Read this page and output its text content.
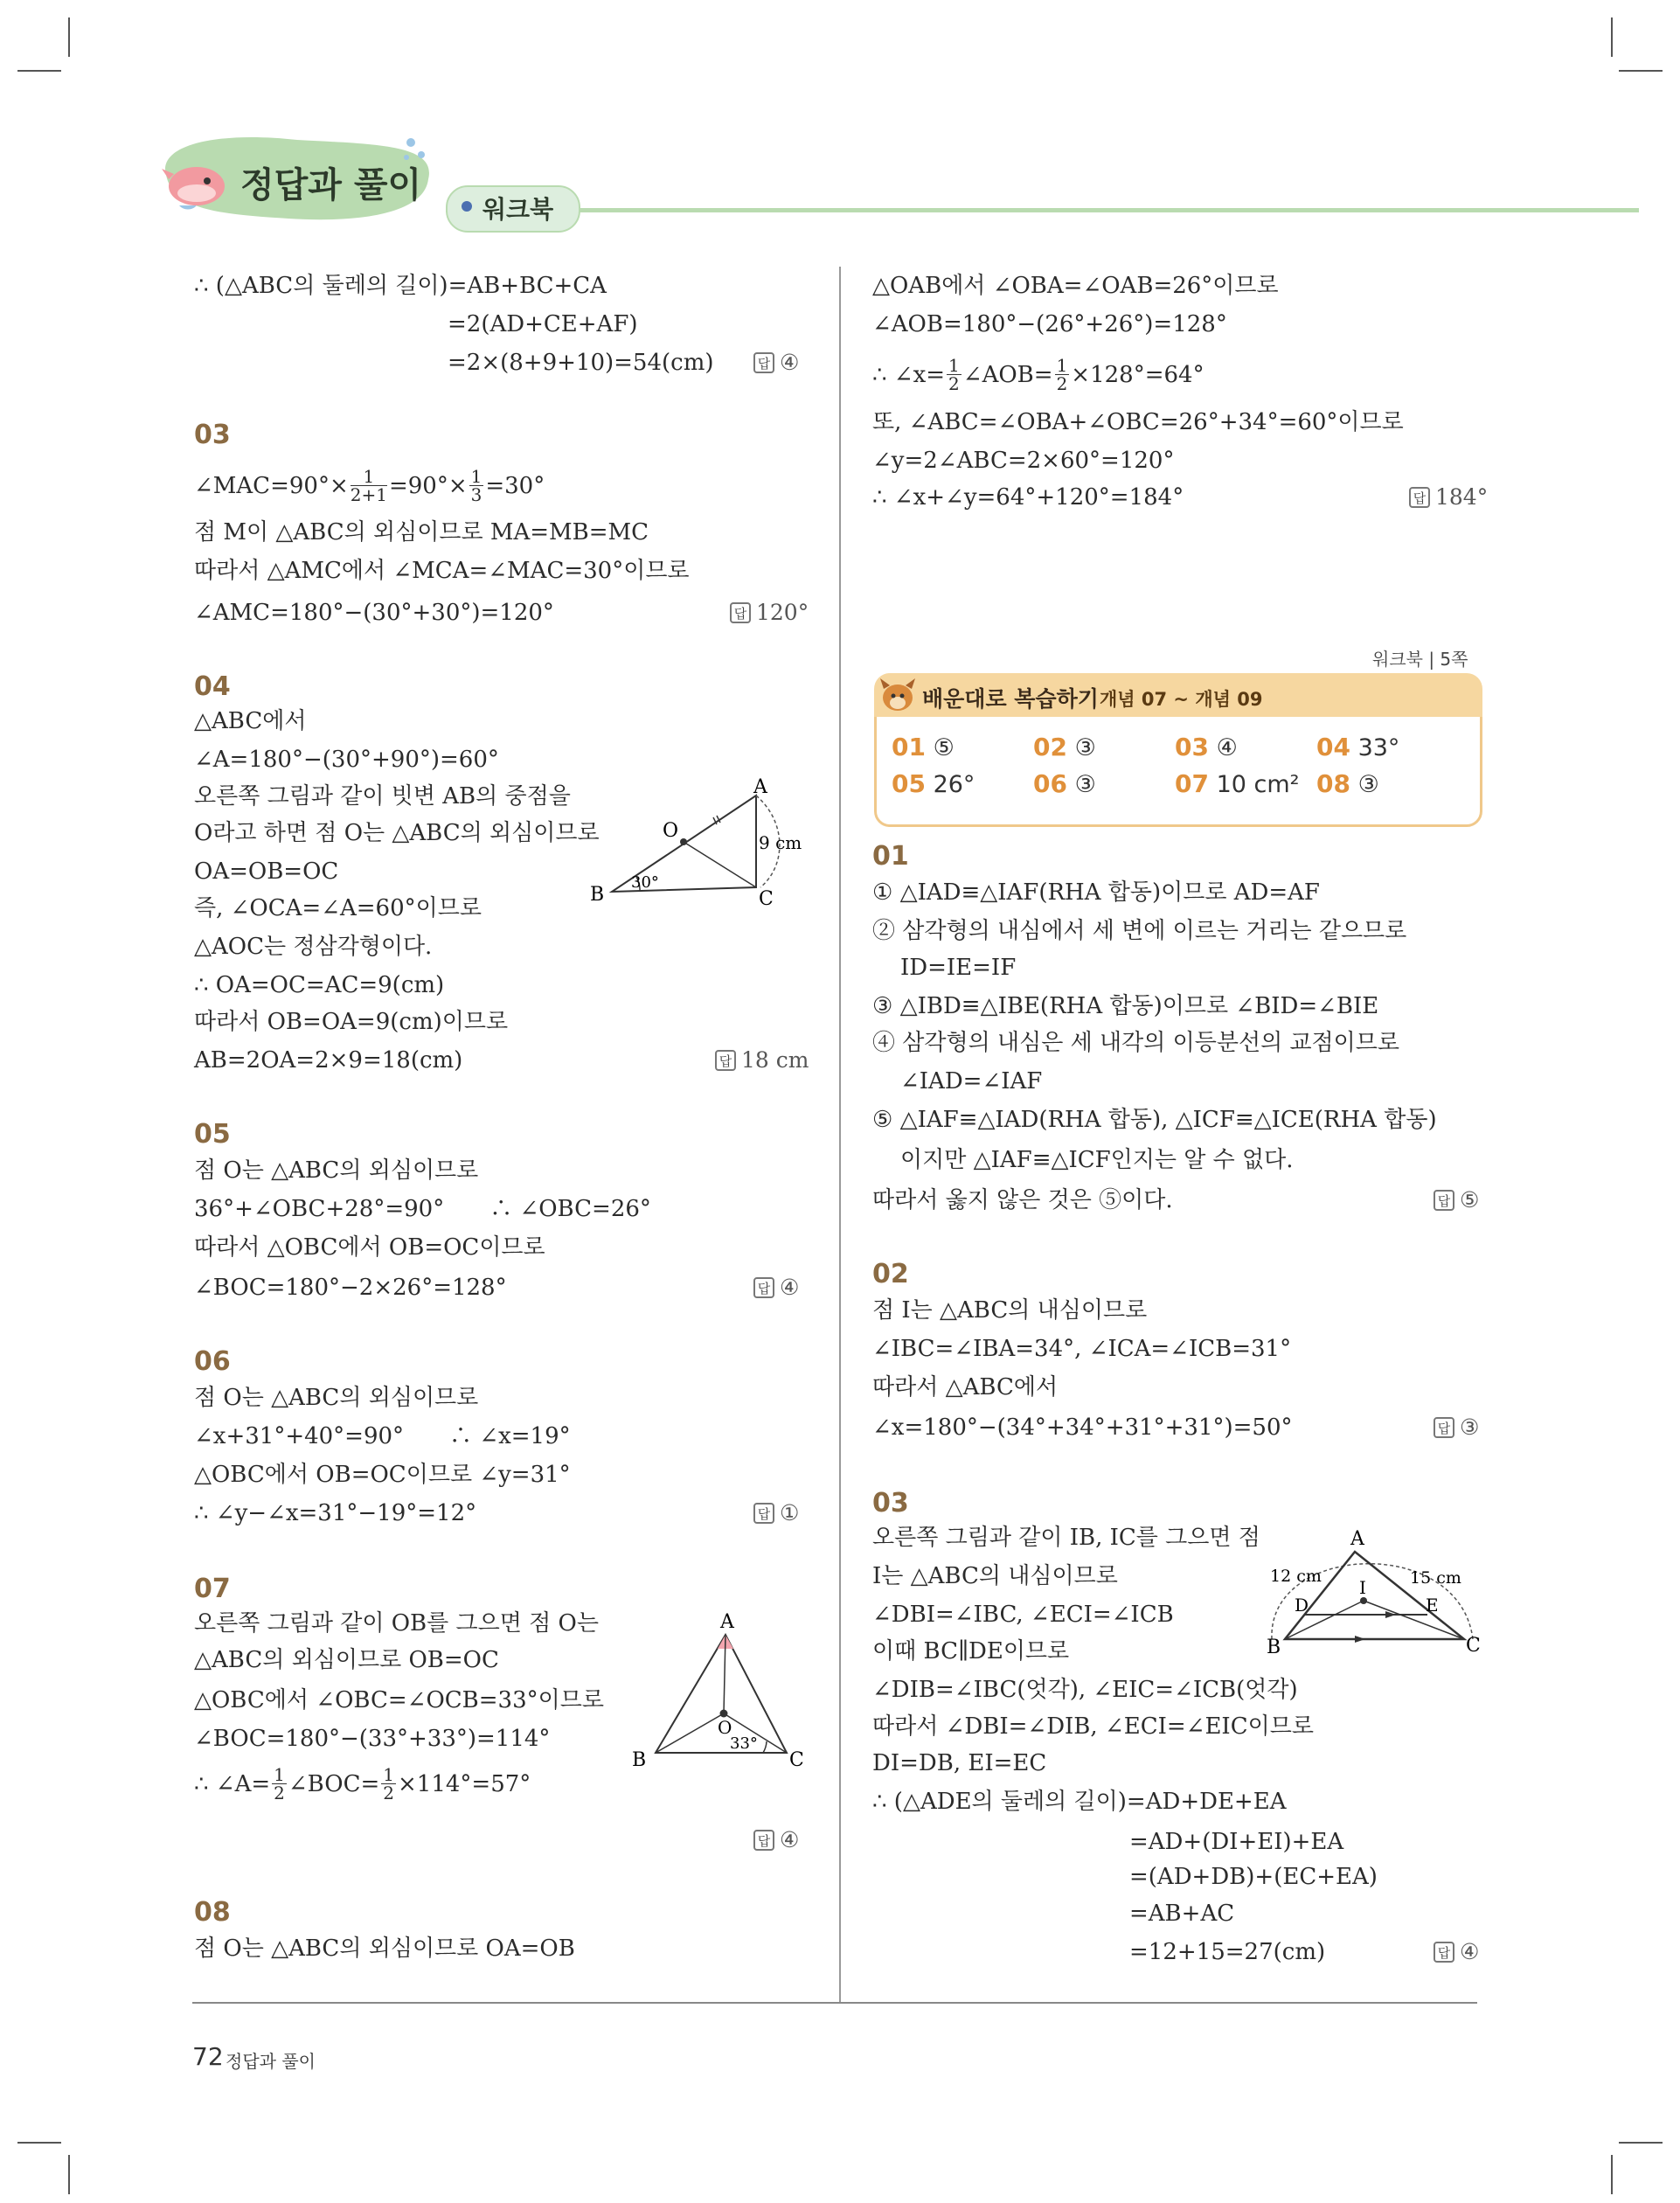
정답과 풀이
워크북
∴ (△ABC의 둘레의 길이)=AB+BC+CA
=2(AD+CE+AF)
=2×(8+9+10)=54(cm)	답 ④
03
∠MAC=90°× $\frac{1}{2+1} =90^\circ\times \frac{1}{3} =30^\circ$
점 M이 △ABC의 외심이므로 MA=MB=MC
따라서 △AMC에서 ∠MCA=∠MAC=30°이므로
∠AMC=180°−(30°+30°)=120°	답 120°
04
△ABC에서
∠A=180°−(30°+90°)=60°
오른쪽 그림과 같이 빗변 AB의 중점을
O라고 하면 점 O는 △ABC의 외심이므로
OA=OB=OC
즉, ∠OCA=∠A=60°이므로
△AOC는 정삼각형이다.
∴ OA=OC=AC=9(cm)
따라서 OB=OA=9(cm)이므로
AB=2OA=2×9=18(cm)	답 18 cm
A
B	C
O
30°
9 cm
05
점 O는 △ABC의 외심이므로
36°+∠OBC+28°=90°　　∴ ∠OBC=26°
따라서 △OBC에서 OB=OC이므로
∠BOC=180°−2×26°=128°	답 ④
06
점 O는 △ABC의 외심이므로
∠x+31°+40°=90°　　∴ ∠x=19°
△OBC에서 OB=OC이므로 ∠y=31°
∴ ∠y−∠x=31°−19°=12°	답 ①
07
오른쪽 그림과 같이 OB를 그으면 점 O는
△ABC의 외심이므로 OB=OC
△OBC에서 ∠OBC=∠OCB=33°이므로
∠BOC=180°−(33°+33°)=114°
∴ ∠A= $\frac{1}{2}$ ∠BOC= $\frac{1}{2} \times 114^\circ=57^\circ$
답 ④
A
B	C
O
33°
08
점 O는 △ABC의 외심이므로 OA=OB
△OAB에서 ∠OBA=∠OAB=26°이므로
∠AOB=180°−(26°+26°)=128°
∴ ∠x= $\frac{1}{2}$ ∠AOB= $\frac{1}{2} \times 128^\circ=64^\circ$
또, ∠ABC=∠OBA+∠OBC=26°+34°=60°이므로
∠y=2∠ABC=2×60°=120°
∴ ∠x+∠y=64°+120°=184°	답 184°
워크북 | 5쪽
배운대로 복습하기 개념 07 ~ 개념 09
01 ⑤	02 ③	03 ④	04 33°
05 26° 06 ③	07 10 cm² 08 ③
01
① △IAD≡△IAF(RHA 합동)이므로 AD=AF
② 삼각형의 내심에서 세 변에 이르는 거리는 같으므로
ID=IE=IF
③ △IBD≡△IBE(RHA 합동)이므로 ∠BID=∠BIE
④ 삼각형의 내심은 세 내각의 이등분선의 교점이므로
∠IAD=∠IAF
⑤ △IAF≡△IAD(RHA 합동), △ICF≡△ICE(RHA 합동)
이지만 △IAF≡△ICF인지는 알 수 없다.
따라서 옳지 않은 것은 ⑤이다.	답 ⑤
02
점 I는 △ABC의 내심이므로
∠IBC=∠IBA=34°, ∠ICA=∠ICB=31°
따라서 △ABC에서
∠x=180°−(34°+34°+31°+31°)=50°	답 ③
03
오른쪽 그림과 같이 IB, IC를 그으면 점
I는 △ABC의 내심이므로
∠DBI=∠IBC, ∠ECI=∠ICB
이때 BC∥DE이므로
∠DIB=∠IBC(엇각), ∠EIC=∠ICB(엇각)
따라서 ∠DBI=∠DIB, ∠ECI=∠EIC이므로
DI=DB, EI=EC
∴ (△ADE의 둘레의 길이)=AD+DE+EA
=AD+(DI+EI)+EA
=(AD+DB)+(EC+EA)
=AB+AC
=12+15=27(cm)	답 ④
A
B	C
D	E
I
12 cm	15 cm
72 정답과 풀이
